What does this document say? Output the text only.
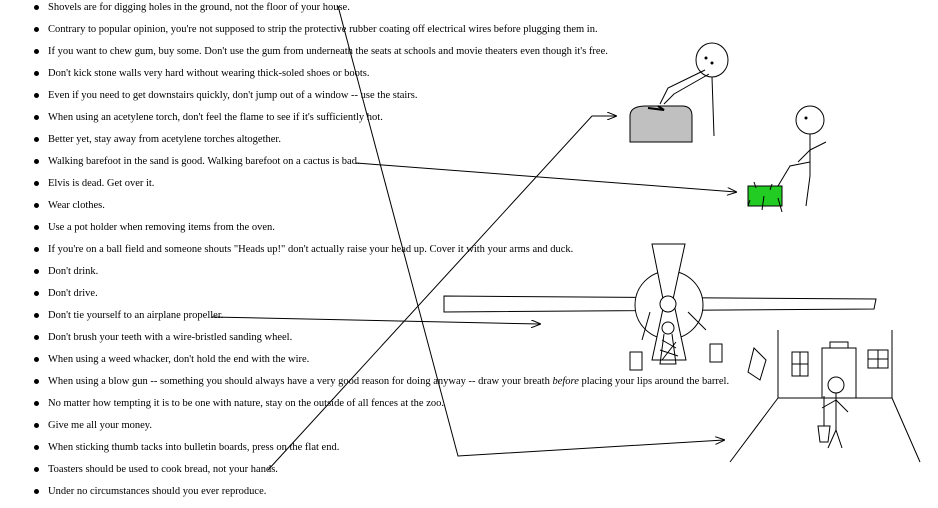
Shovels are for digging holes in the ground, not the floor of your house.
Contrary to popular opinion, you're not supposed to strip the protective rubber coating off electrical wires before plugging them in.
If you want to chew gum, buy some. Don't use the gum from underneath the seats at schools and movie theaters even though it's free.
Don't kick stone walls very hard without wearing thick-soled shoes or boots.
Even if you need to get downstairs quickly, don't jump out of a window -- use the stairs.
When using an acetylene torch, don't feel the flame to see if it's sufficiently hot.
Better yet, stay away from acetylene torches altogether.
Walking barefoot in the sand is good. Walking barefoot on a cactus is bad.
Elvis is dead. Get over it.
Wear clothes.
Use a pot holder when removing items from the oven.
If you're on a ball field and someone shouts "Heads up!" don't actually raise your head up. Cover it with your arms and duck.
Don't drink.
Don't drive.
Don't tie yourself to an airplane propeller.
Don't brush your teeth with a wire-bristled sanding wheel.
When using a weed whacker, don't hold the end with the wire.
When using a blow gun -- something you should always have a very good reason for doing anyway -- draw your breath before placing your lips around the barrel.
No matter how tempting it is to be one with nature, stay on the outside of all fences at the zoo.
Give me all your money.
When sticking thumb tacks into bulletin boards, press on the flat end.
Toasters should be used to cook bread, not your hands.
Under no circumstances should you ever reproduce.
